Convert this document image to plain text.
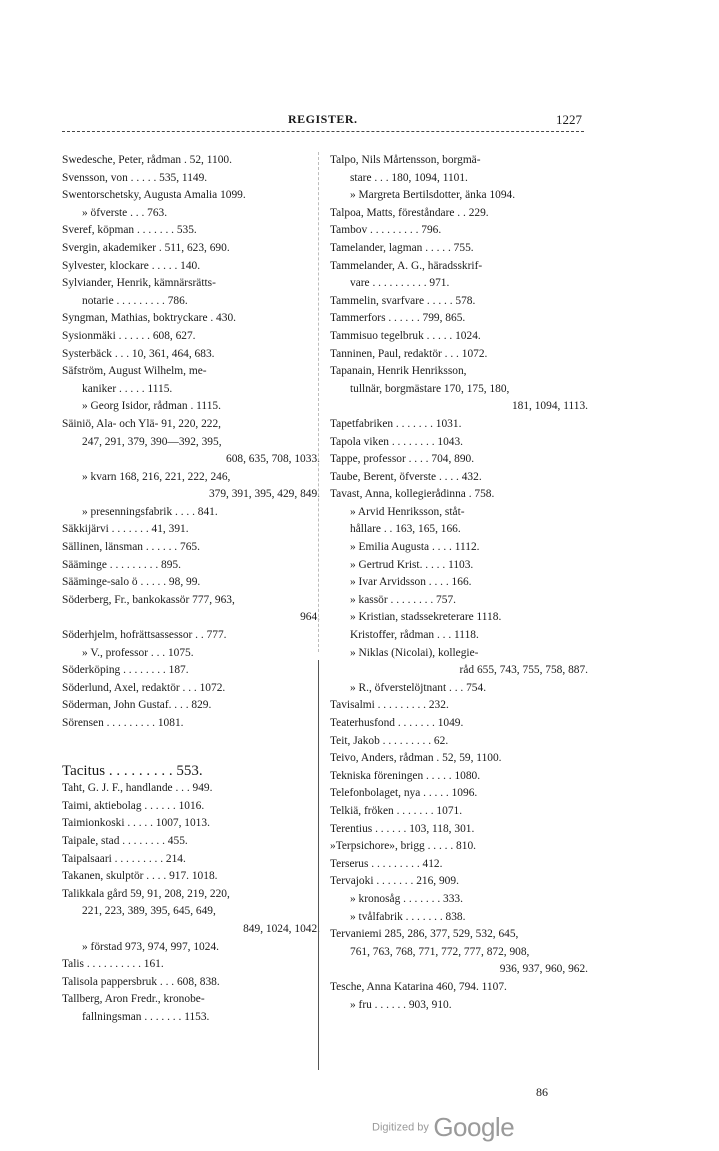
REGISTER.	1227
Swedesche, Peter, rådman . 52, 1100.
Svensson, von . . . . . 535, 1149.
Swentorschetsky, Augusta Amalia 1099.
» öfverste . . . 763.
Sveref, köpman . . . . . . . 535.
Svergin, akademiker . 511, 623, 690.
Sylvester, klockare . . . . . 140.
Sylviander, Henrik, kämnärsrätts-
notarie . . . . . . . . . 786.
Syngman, Mathias, boktryckare . 430.
Sysionmäki . . . . . . 608, 627.
Systerbäck . . . 10, 361, 464, 683.
Säfström, August Wilhelm, me-
kaniker . . . . . 1115.
» Georg Isidor, rådman . 1115.
Säiniö, Ala- och Ylä- 91, 220, 222,
247, 291, 379, 390—392, 395,
608, 635, 708, 1033.
» kvarn 168, 216, 221, 222, 246,
379, 391, 395, 429, 849.
» presenningsfabrik . . . . 841.
Säkkijärvi . . . . . . . 41, 391.
Sällinen, länsman . . . . . . 765.
Sääminge . . . . . . . . . 895.
Sääminge-salo ö . . . . . 98, 99.
Söderberg, Fr., bankokassör 777, 963,
964.
Söderhjelm, hofrättsassessor . . 777.
» V., professor . . . 1075.
Söderköping . . . . . . . . 187.
Söderlund, Axel, redaktör . . . 1072.
Söderman, John Gustaf. . . . 829.
Sörensen . . . . . . . . . 1081.
Tacitus . . . . . . . . . 553.
Taht, G. J. F., handlande . . . 949.
Taimi, aktiebolag . . . . . . 1016.
Taimionkoski . . . . . 1007, 1013.
Taipale, stad . . . . . . . . 455.
Taipalsaari . . . . . . . . . 214.
Takanen, skulptör . . . . 917. 1018.
Talikkala gård 59, 91, 208, 219, 220,
221, 223, 389, 395, 645, 649,
849, 1024, 1042.
» förstad 973, 974, 997, 1024.
Talis . . . . . . . . . . 161.
Talisola pappersbruk . . . 608, 838.
Tallberg, Aron Fredr., kronobe-
fallningsman . . . . . . . 1153.
Talpo, Nils Mårtensson, borgmä-
stare . . . 180, 1094, 1101.
» Margreta Bertilsdotter, änka 1094.
Talpoa, Matts, föreståndare . . 229.
Tambov . . . . . . . . . 796.
Tamelander, lagman . . . . . 755.
Tammelander, A. G., häradsskrif-
vare . . . . . . . . . . 971.
Tammelin, svarfvare . . . . . 578.
Tammerfors . . . . . . 799, 865.
Tammisuo tegelbruk . . . . . 1024.
Tanninen, Paul, redaktör . . . 1072.
Tapanain, Henrik Henriksson,
tullnär, borgmästare 170, 175, 180,
181, 1094, 1113.
Tapetfabriken . . . . . . . 1031.
Tapola viken . . . . . . . . 1043.
Tappe, professor . . . . 704, 890.
Taube, Berent, öfverste . . . . 432.
Tavast, Anna, kollegierådinna . 758.
» Arvid Henriksson, ståt-
hållare . . 163, 165, 166.
» Emilia Augusta . . . . 1112.
» Gertrud Krist. . . . . 1103.
» Ivar Arvidsson . . . . 166.
» kassör . . . . . . . . 757.
» Kristian, stadssekreterare 1118.
Kristoffer, rådman . . . 1118.
» Niklas (Nicolai), kollegie-
råd 655, 743, 755, 758, 887.
» R., öfverstelöjtnant . . . 754.
Tavisalmi . . . . . . . . . 232.
Teaterhusfond . . . . . . . 1049.
Teit, Jakob . . . . . . . . . 62.
Teivo, Anders, rådman . 52, 59, 1100.
Tekniska föreningen . . . . . 1080.
Telefonbolaget, nya . . . . . 1096.
Telkiä, fröken . . . . . . . 1071.
Terentius . . . . . . 103, 118, 301.
»Terpsichore», brigg . . . . . 810.
Terserus . . . . . . . . . 412.
Tervajoki . . . . . . . 216, 909.
» kronosåg . . . . . . . 333.
» tvålfabrik . . . . . . . 838.
Tervaniemi 285, 286, 377, 529, 532, 645,
761, 763, 768, 771, 772, 777, 872, 908,
936, 937, 960, 962.
Tesche, Anna Katarina 460, 794. 1107.
» fru . . . . . . 903, 910.
86
Digitized by Google
